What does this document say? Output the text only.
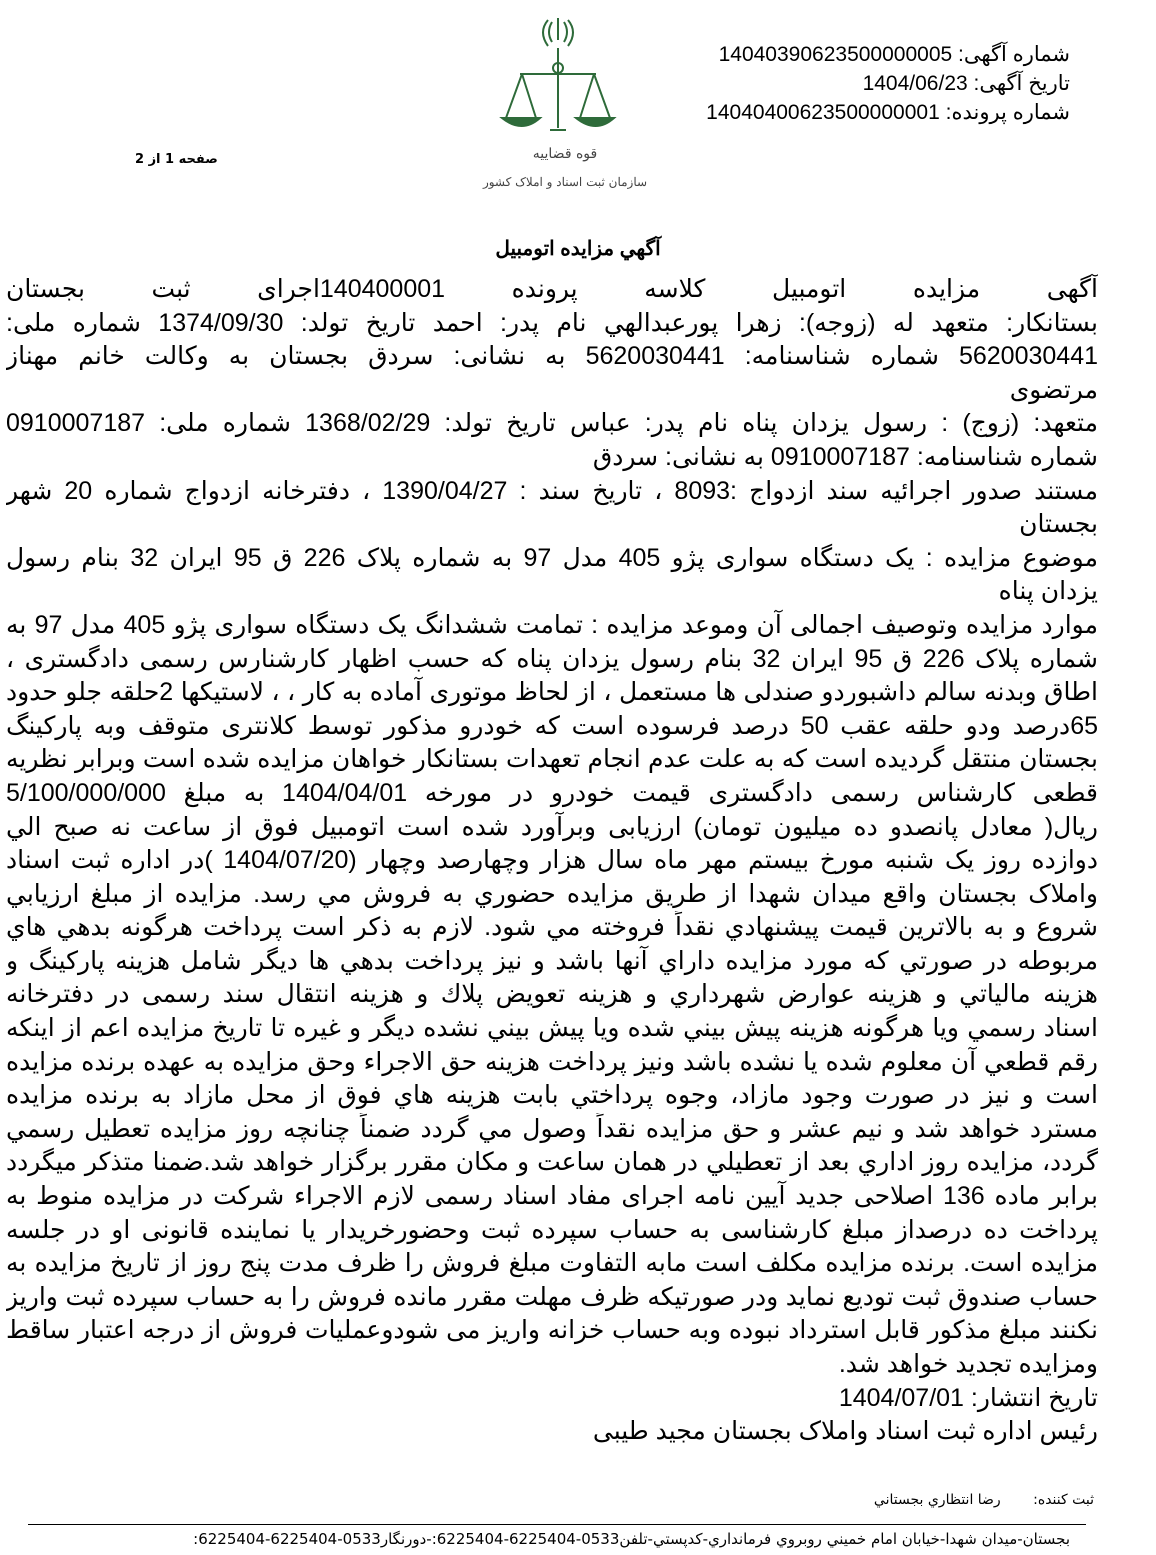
شماره آگهی: 14040390623500000005
تاریخ آگهی: 1404/06/23
شماره پرونده: 14040400623500000001
صفحه 1 از 2	قوه قضاییه
سازمان ثبت اسناد و املاک کشور
آگهي مزايده اتومبيل
آگهی مزایده اتومبیل کلاسه پرونده 140400001اجرای ثبت بجستان
بستانکار: متعهد له (زوجه): زهرا پورعبدالهي نام پدر: احمد تاریخ تولد: 1374/09/30 شماره ملی:
5620030441 شماره شناسنامه: 5620030441 به نشانی: سردق بجستان به وکالت خانم مهناز
مرتضوی
متعهد: (زوج) : رسول یزدان پناه نام پدر: عباس تاریخ تولد: 1368/02/29 شماره ملی: 0910007187
شماره شناسنامه: 0910007187 به نشانی: سردق
مستند صدور اجرائیه سند ازدواج :8093 ، تاریخ سند : 1390/04/27 ، دفترخانه ازدواج شماره 20 شهر
بجستان
موضوع مزایده : یک دستگاه سواری پژو 405 مدل 97 به شماره پلاک 226 ق 95 ایران 32 بنام رسول
یزدان پناه
موارد مزایده وتوصیف اجمالی آن وموعد مزایده : تمامت ششدانگ یک دستگاه سواری پژو 405 مدل 97 به
شماره پلاک 226 ق 95 ایران 32 بنام رسول یزدان پناه که حسب اظهار کارشنارس رسمی دادگستری ،
اطاق وبدنه سالم داشبوردو صندلی ها مستعمل ، از لحاظ موتوری آماده به کار ، ، لاستیکها 2حلقه جلو حدود
65درصد ودو حلقه عقب 50 درصد فرسوده است که خودرو مذکور توسط کلانتری متوقف وبه پارکینگ
بجستان منتقل گردیده است که به علت عدم انجام تعهدات بستانکار خواهان مزایده شده است وبرابر نظریه
قطعی کارشناس رسمی دادگستری قیمت خودرو در مورخه 1404/04/01 به مبلغ 5/100/000/000
ریال( معادل پانصدو ده میلیون تومان) ارزیابی وبرآورد شده است اتومبیل فوق از ساعت نه صبح الي
دوازده روز یک شنبه مورخ بیستم مهر ماه سال هزار وچهارصد وچهار (1404/07/20 )در اداره ثبت اسناد
واملاک بجستان واقع میدان شهدا از طريق مزايده حضوري به فروش مي رسد. مزايده از مبلغ ارزيابي
شروع و به بالاترين قيمت پيشنهادي نقداً فروخته مي شود. لازم به ذكر است پرداخت هرگونه بدهي هاي
مربوطه در صورتي كه مورد مزايده داراي آنها باشد و نيز پرداخت بدهي ها ديگر شامل هزينه پاركينگ و
هزينه مالياتي و هزينه عوارض شهرداري و هزينه تعويض پلاك و هزينه انتقال سند رسمی در دفترخانه
اسناد رسمي ويا هرگونه هزينه پيش بيني شده ويا پيش بيني نشده ديگر و غيره تا تاريخ مزايده اعم از اينكه
رقم قطعي آن معلوم شده يا نشده باشد ونيز پرداخت هزينه حق الاجراء وحق مزايده به عهده برنده مزايده
است و نيز در صورت وجود مازاد، وجوه پرداختي بابت هزينه هاي فوق از محل مازاد به برنده مزايده
مسترد خواهد شد و نيم عشر و حق مزايده نقداً وصول مي گردد ضمناً چنانچه روز مزايده تعطيل رسمي
گردد، مزايده روز اداري بعد از تعطيلي در همان ساعت و مكان مقرر برگزار خواهد شد.ضمنا متذکر میگردد
برابر ماده 136 اصلاحی جدید آیین نامه اجرای مفاد اسناد رسمی لازم الاجراء شرکت در مزایده منوط به
پرداخت ده درصداز مبلغ کارشناسی به حساب سپرده ثبت وحضورخریدار یا نماینده قانونی او در جلسه
مزایده است. برنده مزایده مکلف است مابه التفاوت مبلغ فروش را ظرف مدت پنج روز از تاریخ مزایده به
حساب صندوق ثبت تودیع نماید ودر صورتیکه ظرف مهلت مقرر مانده فروش را به حساب سپرده ثبت واریز
نکنند مبلغ مذکور قابل استرداد نبوده وبه حساب خزانه واریز می شودوعملیات فروش از درجه اعتبار ساقط
ومزایده تجدید خواهد شد.
تاریخ انتشار: 1404/07/01
رئیس اداره ثبت اسناد واملاک بجستان مجید طیبی
ثبت کننده: رضا انتظاري بجستاني
بجستان-ميدان شهدا-خيابان امام خميني روبروي فرمانداري-كدپستي-تلفن0533-6225404-6225404:-دورنگار0533-6225404-6225404:
